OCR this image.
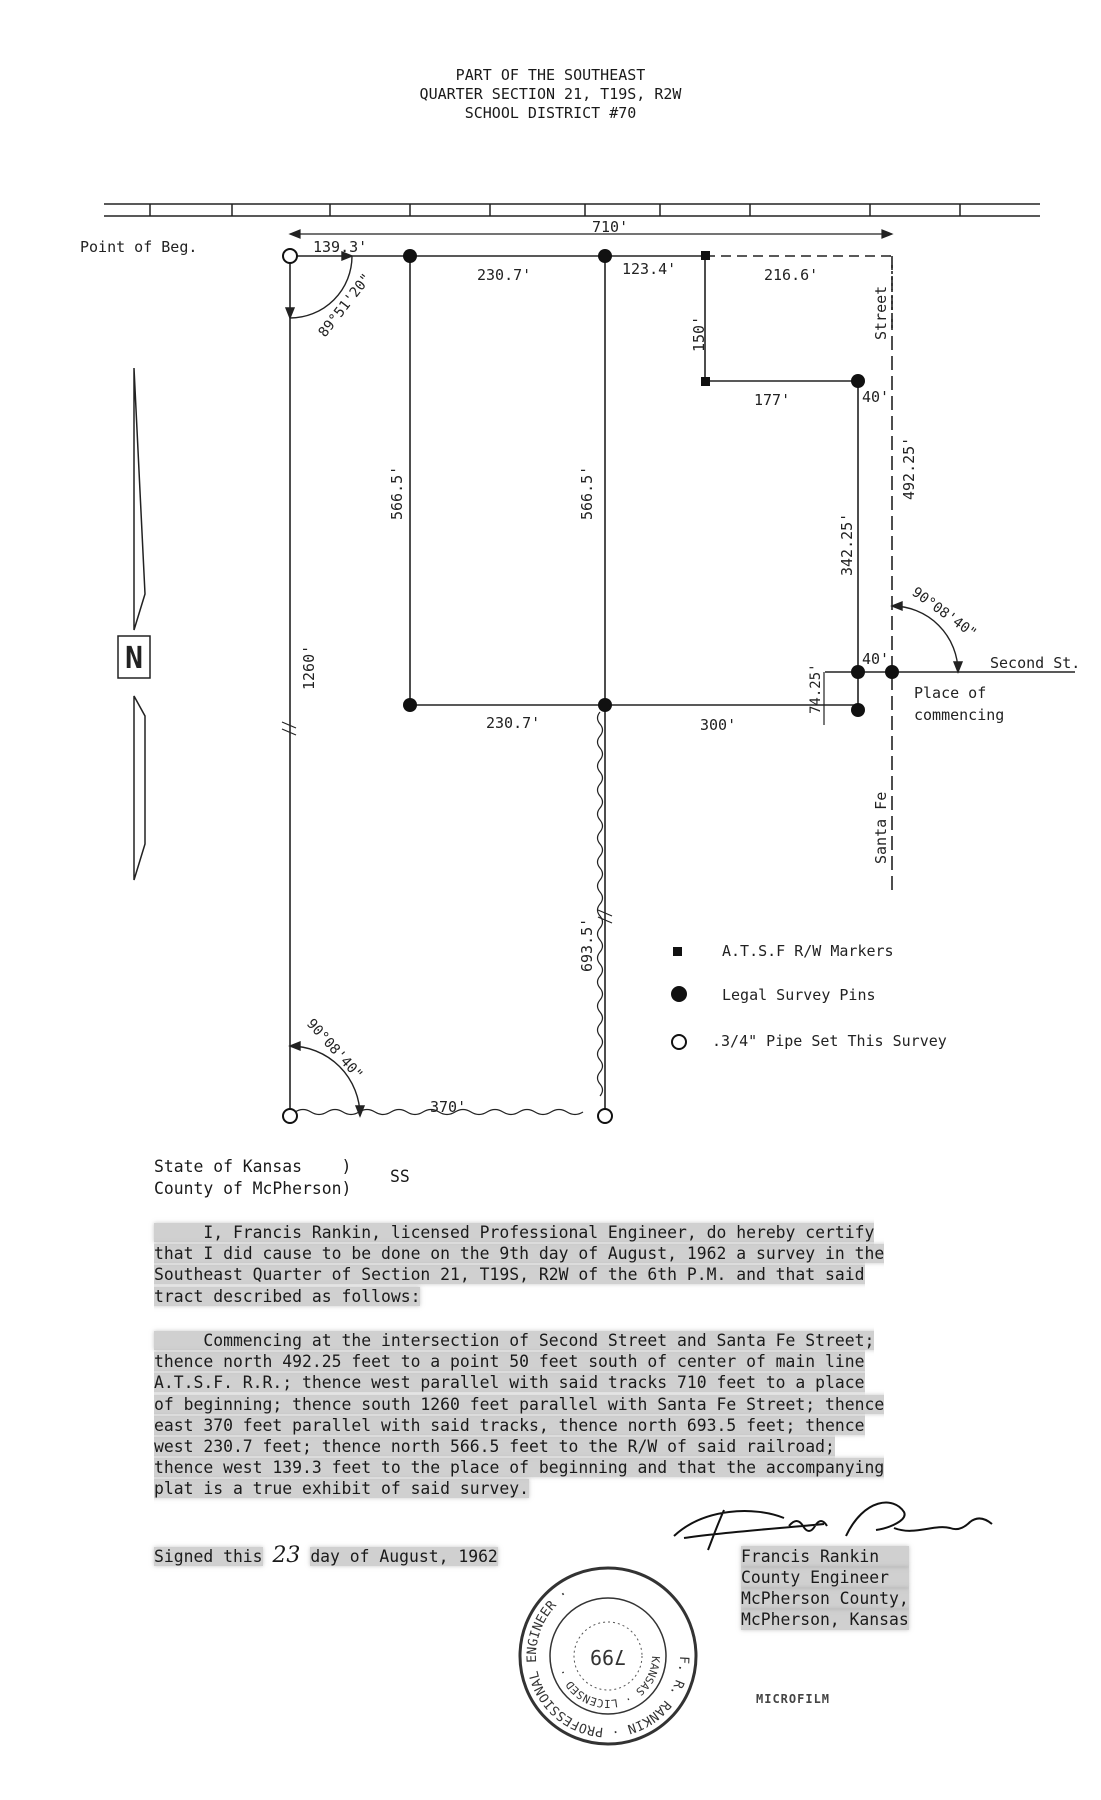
PART OF THE SOUTHEAST
QUARTER SECTION 21, T19S, R2W
SCHOOL DISTRICT #70
N
Point of Beg.
710'
139.3'
230.7'	123.4'	216.6'
Street
89°51'20"	150'
177'	40'
492.25'
566.5'	566.5'
342.25'
90°08'40"
Second St.
40'
74.25'	Place of
commencing
1260'
230.7'	300'
Santa Fe
693.5'
90°08'40"
370'
A.T.S.F R/W Markers
Legal Survey Pins
.3/4" Pipe Set This Survey
State of Kansas    )
County of McPherson)
SS
I, Francis Rankin, licensed Professional Engineer, do hereby certify
that I did cause to be done on the 9th day of August, 1962 a survey in the
Southeast Quarter of Section 21, T19S, R2W of the 6th P.M. and that said
tract described as follows:
Commencing at the intersection of Second Street and Santa Fe Street;
thence north 492.25 feet to a point 50 feet south of center of main line
A.T.S.F. R.R.; thence west parallel with said tracks 710 feet to a place
of beginning; thence south 1260 feet parallel with Santa Fe Street; thence
east 370 feet parallel with said tracks, thence north 693.5 feet; thence
west 230.7 feet; thence north 566.5 feet to the R/W of said railroad;
thence west 139.3 feet to the place of beginning and that the accompanying
plat is a true exhibit of said survey.
Signed this 23 day of August, 1962	Francis Rankin
County Engineer
McPherson County,
McPherson, Kansas
F. R. RANKIN · PROFESSIONAL ENGINEER ·
KANSAS · LICENSED ·
799
MICROFILM
